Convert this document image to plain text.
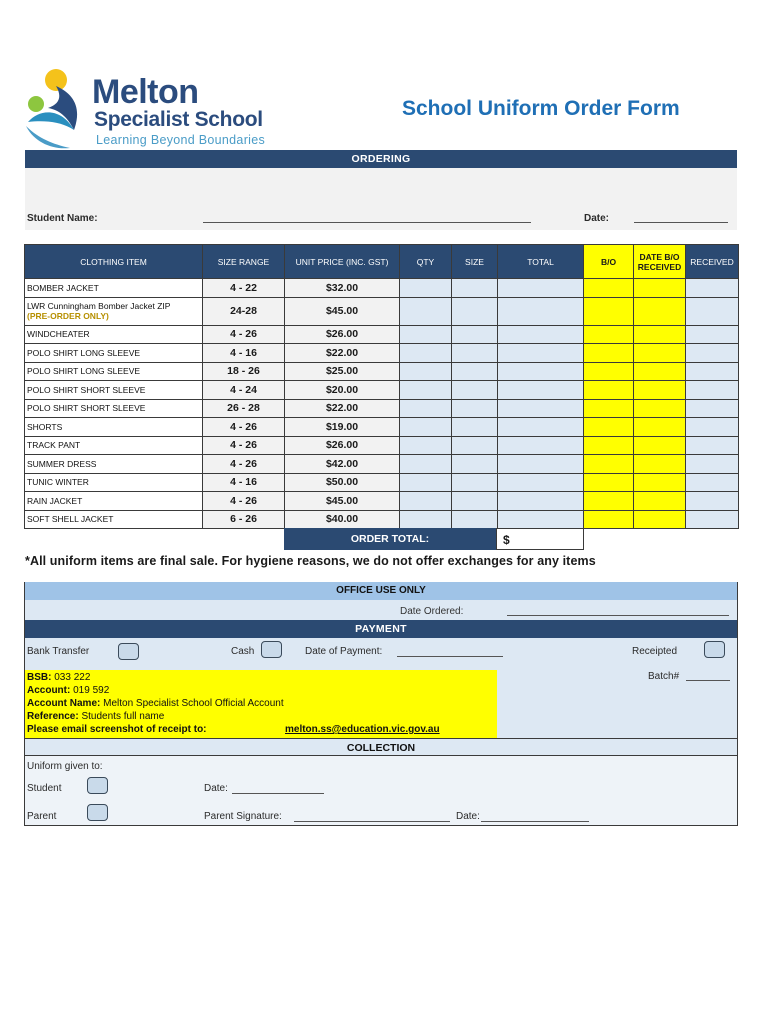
Melton
Specialist School
Learning Beyond Boundaries
School Uniform Order Form
ORDERING
Student Name:	Date:
CLOTHING ITEM	SIZE RANGE	UNIT PRICE (INC. GST)	QTY	SIZE	TOTAL	B/O	DATE B/O RECEIVED	RECEIVED

BOMBER JACKET	4 - 22	$32.00						

LWR Cunningham Bomber Jacket ZIP
(PRE-ORDER ONLY)	24-28	$45.00						

WINDCHEATER	4 - 26	$26.00						

POLO SHIRT LONG SLEEVE	4 - 16	$22.00						

POLO SHIRT LONG SLEEVE	18 - 26	$25.00						

POLO SHIRT SHORT SLEEVE	4 - 24	$20.00						

POLO SHIRT SHORT SLEEVE	26 - 28	$22.00						

SHORTS	4 - 26	$19.00						

TRACK PANT	4 - 26	$26.00						

SUMMER DRESS	4 - 26	$42.00						

TUNIC WINTER	4 - 16	$50.00						

RAIN JACKET	4 - 26	$45.00						

SOFT SHELL JACKET	6 - 26	$40.00						
ORDER TOTAL:	$
*All uniform items are final sale. For hygiene reasons, we do not offer exchanges for any items
OFFICE USE ONLY
Date Ordered:
PAYMENT
Bank Transfer	Cash	Date of Payment:	Receipted
Batch#
BSB: 033 222
Account: 019 592
Account Name: Melton Specialist School Official Account
Reference: Students full name
Please email screenshot of receipt to:	melton.ss@education.vic.gov.au
COLLECTION
Uniform given to:
Student	Date:
Parent	Parent Signature:	Date:
